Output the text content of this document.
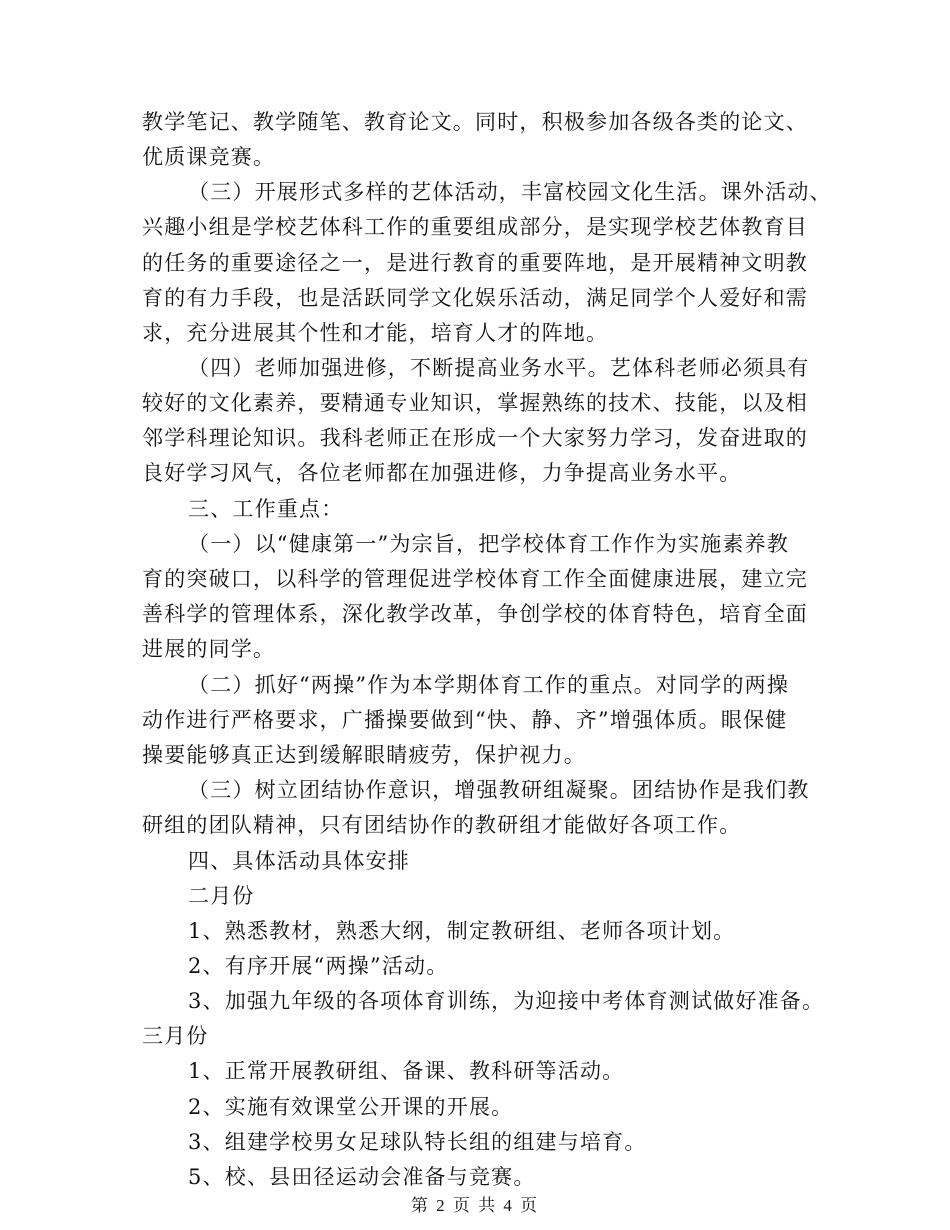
教学笔记、教学随笔、教育论文。同时，积极参加各级各类的论文、
优质课竞赛。
（三）开展形式多样的艺体活动，丰富校园文化生活。课外活动、
兴趣小组是学校艺体科工作的重要组成部分，是实现学校艺体教育目
的任务的重要途径之一，是进行教育的重要阵地，是开展精神文明教
育的有力手段，也是活跃同学文化娱乐活动，满足同学个人爱好和需
求，充分进展其个性和才能，培育人才的阵地。
（四）老师加强进修，不断提高业务水平。艺体科老师必须具有
较好的文化素养，要精通专业知识，掌握熟练的技术、技能，以及相
邻学科理论知识。我科老师正在形成一个大家努力学习，发奋进取的
良好学习风气，各位老师都在加强进修，力争提高业务水平。
三、工作重点：
（一）以“健康第一”为宗旨，把学校体育工作作为实施素养教
育的突破口，以科学的管理促进学校体育工作全面健康进展，建立完
善科学的管理体系，深化教学改革，争创学校的体育特色，培育全面
进展的同学。
（二）抓好“两操”作为本学期体育工作的重点。对同学的两操
动作进行严格要求，广播操要做到“快、静、齐”增强体质。眼保健
操要能够真正达到缓解眼睛疲劳，保护视力。
（三）树立团结协作意识，增强教研组凝聚。团结协作是我们教
研组的团队精神，只有团结协作的教研组才能做好各项工作。
四、具体活动具体安排
二月份
1、熟悉教材，熟悉大纲，制定教研组、老师各项计划。
2、有序开展“两操”活动。
3、加强九年级的各项体育训练，为迎接中考体育测试做好准备。
三月份
1、正常开展教研组、备课、教科研等活动。
2、实施有效课堂公开课的开展。
3、组建学校男女足球队特长组的组建与培育。
5、校、县田径运动会准备与竞赛。
第 2 页 共 4 页
